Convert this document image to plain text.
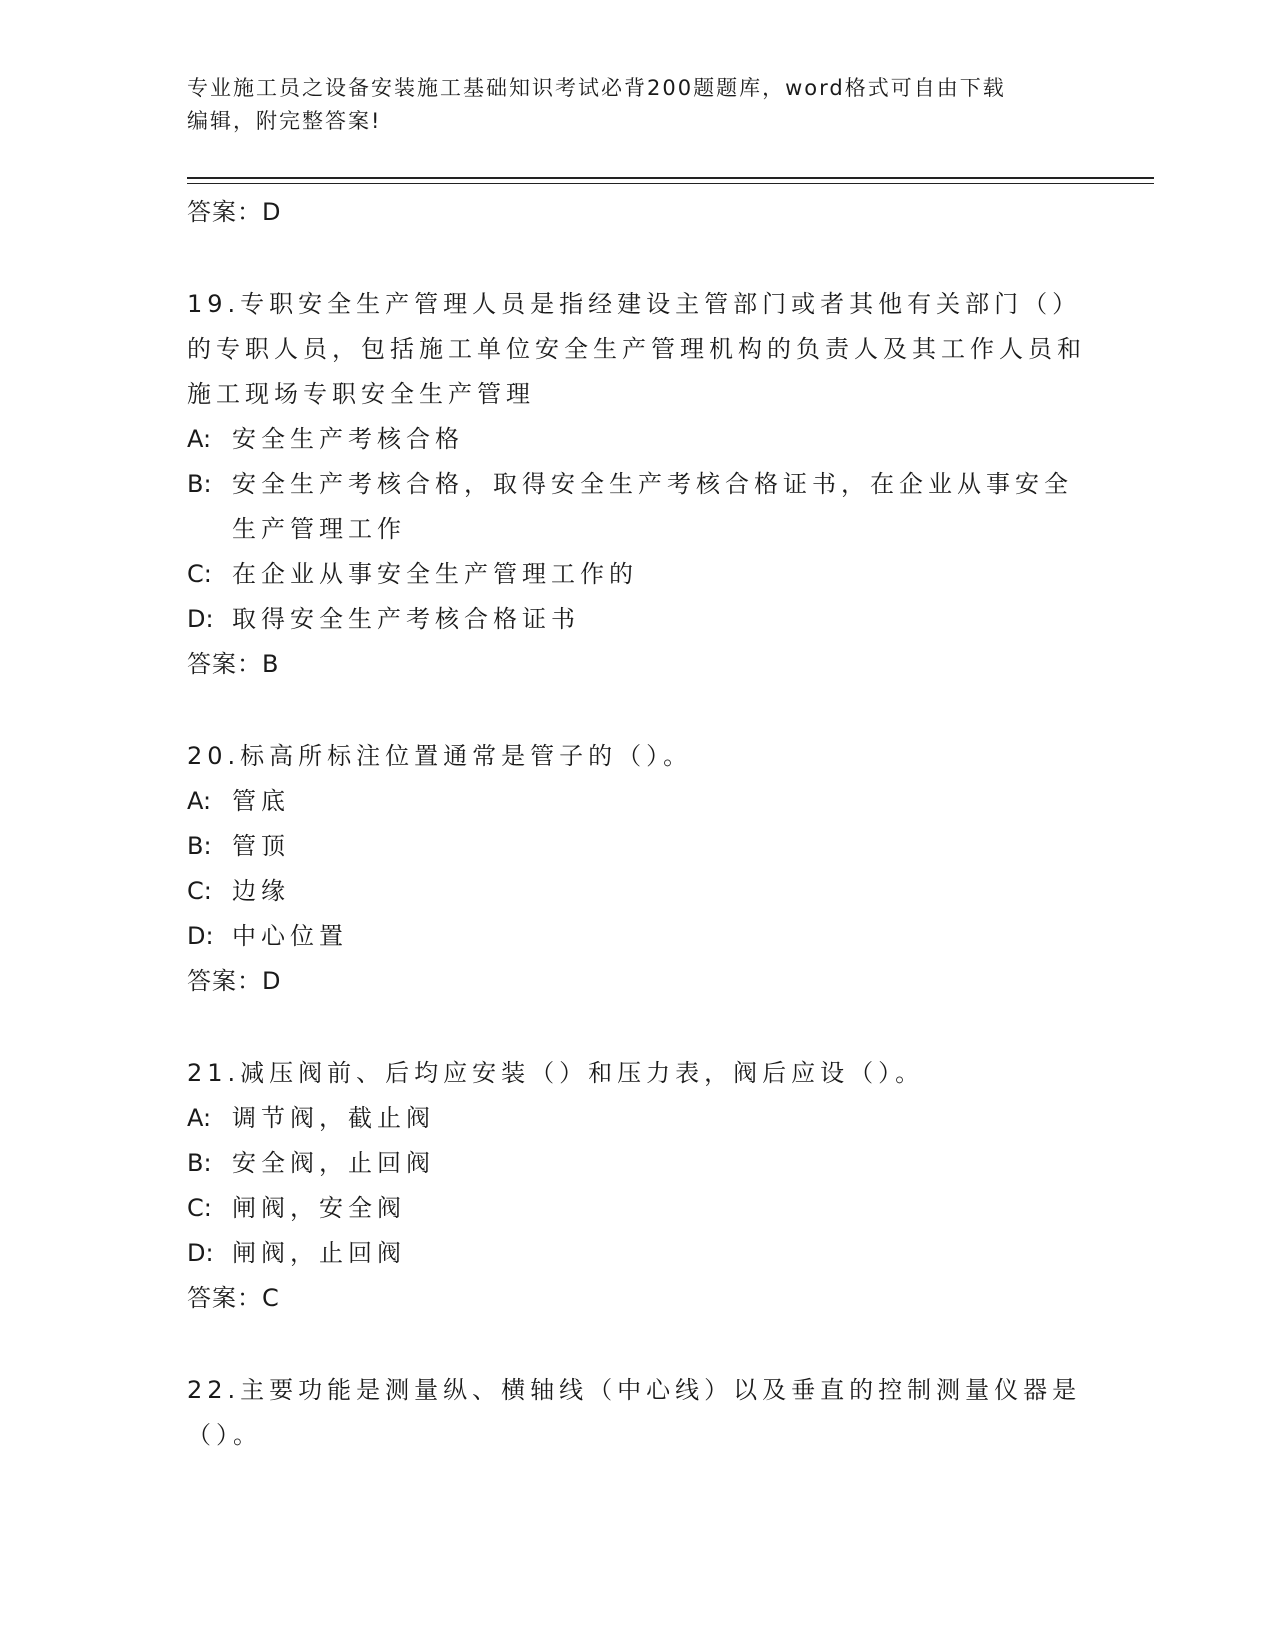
专业施工员之设备安装施工基础知识考试必背200题题库，word格式可自由下载
编辑，附完整答案!
答案：D
19.专职安全生产管理人员是指经建设主管部门或者其他有关部门（）的专职人员，包括施工单位安全生产管理机构的负责人及其工作人员和施工现场专职安全生产管理
A: 安全生产考核合格
B: 安全生产考核合格，取得安全生产考核合格证书，在企业从事安全生产管理工作
C: 在企业从事安全生产管理工作的
D: 取得安全生产考核合格证书
答案：B
20.标高所标注位置通常是管子的（）。
A: 管底
B: 管顶
C: 边缘
D: 中心位置
答案：D
21.减压阀前、后均应安装（）和压力表，阀后应设（）。
A: 调节阀，截止阀
B: 安全阀，止回阀
C: 闸阀，安全阀
D: 闸阀，止回阀
答案：C
22.主要功能是测量纵、横轴线（中心线）以及垂直的控制测量仪器是（）。
